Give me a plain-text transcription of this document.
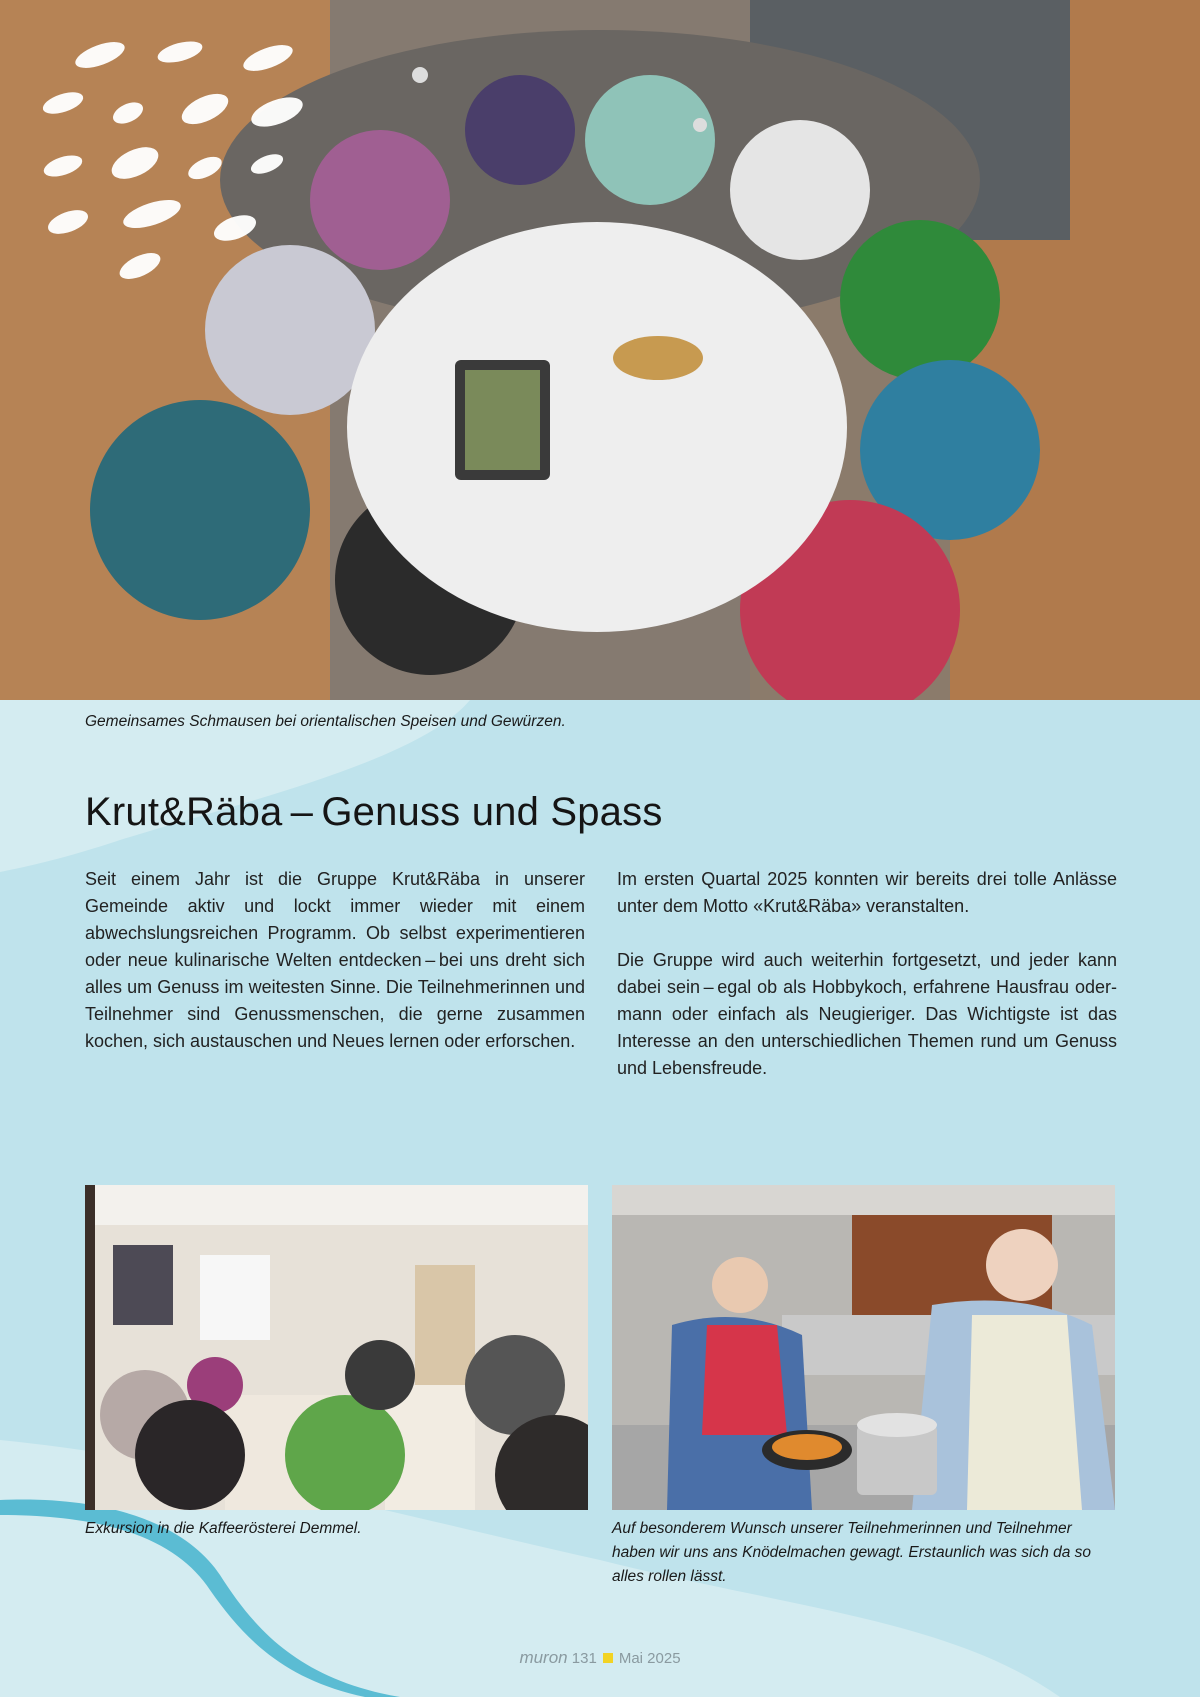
Gemeinsames Schmausen bei orientalischen Speisen und Gewürzen.
Krut&Räba – Genuss und Spass

Seit einem Jahr ist die Gruppe Krut&Räba in unserer Gemeinde aktiv und lockt immer wieder mit einem abwechslungsreichen Programm. Ob selbst experimentieren oder neue kulinarische Welten entdecken – bei uns dreht sich alles um Genuss im weitesten Sinne. Die Teilnehmerinnen und Teilnehmer sind Genussmenschen, die gerne zusammen kochen, sich austauschen und Neues lernen oder erforschen.

Im ersten Quartal 2025 konnten wir bereits drei tolle Anlässe unter dem Motto «Krut&Räba» veranstalten.

Die Gruppe wird auch weiterhin fortgesetzt, und jeder kann dabei sein – egal ob als Hobbykoch, erfahrene Hausfrau oder-mann oder einfach als Neugieriger. Das Wichtigste ist das Interesse an den unterschiedlichen Themen rund um Genuss und Lebensfreude.

Exkursion in die Kaffeerösterei Demmel.	Auf besonderem Wunsch unserer Teilnehmerinnen und Teilnehmer haben wir uns ans Knödelmachen gewagt. Erstaunlich was sich da so alles rollen lässt.
muron 131 Mai 2025
